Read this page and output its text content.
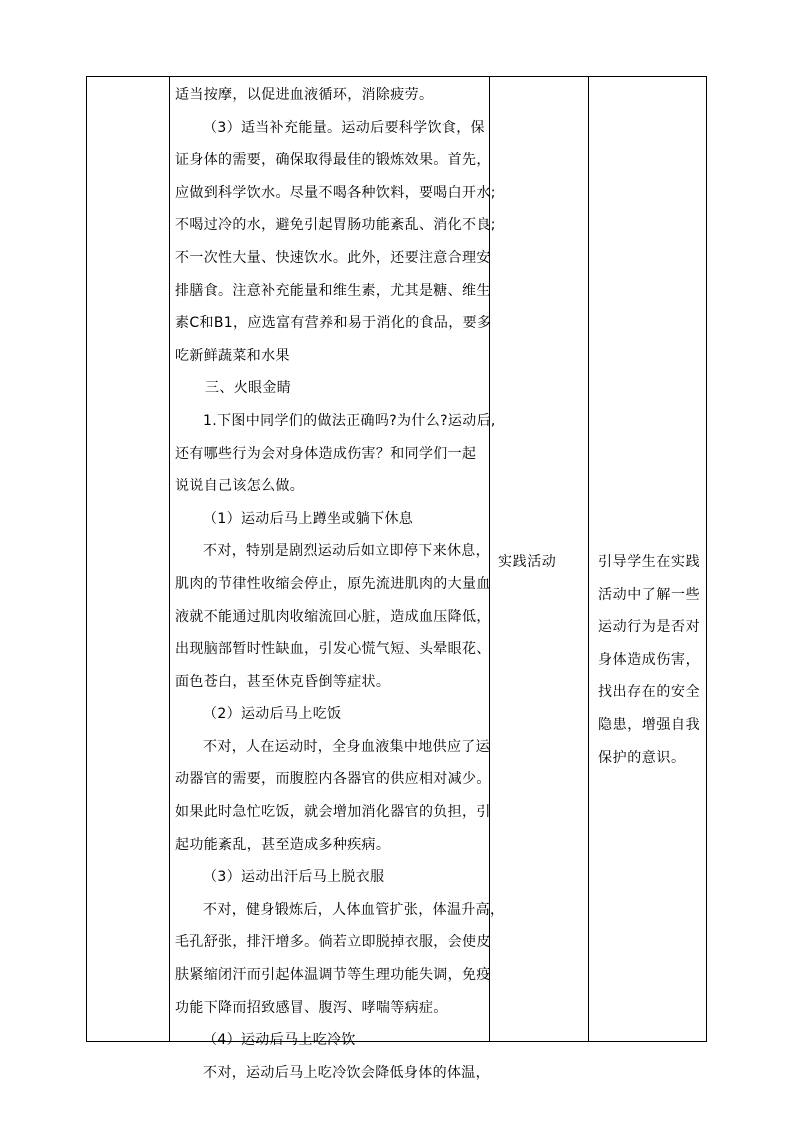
适当按摩，以促进血液循环，消除疲劳。
（3）适当补充能量。运动后要科学饮食，保
证身体的需要，确保取得最佳的锻炼效果。首先，
应做到科学饮水。尽量不喝各种饮料，要喝白开水;
不喝过冷的水，避免引起胃肠功能紊乱、消化不良;
不一次性大量、快速饮水。此外，还要注意合理安
排膳食。注意补充能量和维生素，尤其是糖、维生
素C和B1，应选富有营养和易于消化的食品，要多
吃新鲜蔬菜和水果
三、火眼金睛
1.下图中同学们的做法正确吗?为什么?运动后,
还有哪些行为会对身体造成伤害？和同学们一起
说说自己该怎么做。
（1）运动后马上蹲坐或躺下休息
不对，特别是剧烈运动后如立即停下来休息，
肌肉的节律性收缩会停止，原先流进肌肉的大量血
液就不能通过肌肉收缩流回心脏，造成血压降低，
出现脑部暂时性缺血，引发心慌气短、头晕眼花、
面色苍白，甚至休克昏倒等症状。
（2）运动后马上吃饭
不对，人在运动时，全身血液集中地供应了运
动器官的需要，而腹腔内各器官的供应相对减少。
如果此时急忙吃饭，就会增加消化器官的负担，引
起功能紊乱，甚至造成多种疾病。
（3）运动出汗后马上脱衣服
不对，健身锻炼后，人体血管扩张，体温升高，
毛孔舒张，排汗增多。倘若立即脱掉衣服，会使皮
肤紧缩闭汗而引起体温调节等生理功能失调，免疫
功能下降而招致感冒、腹泻、哮喘等病症。
（4）运动后马上吃冷饮
不对，运动后马上吃冷饮会降低身体的体温，
实践活动	引导学生在实践
活动中了解一些
运动行为是否对
身体造成伤害，
找出存在的安全
隐患，增强自我
保护的意识。
